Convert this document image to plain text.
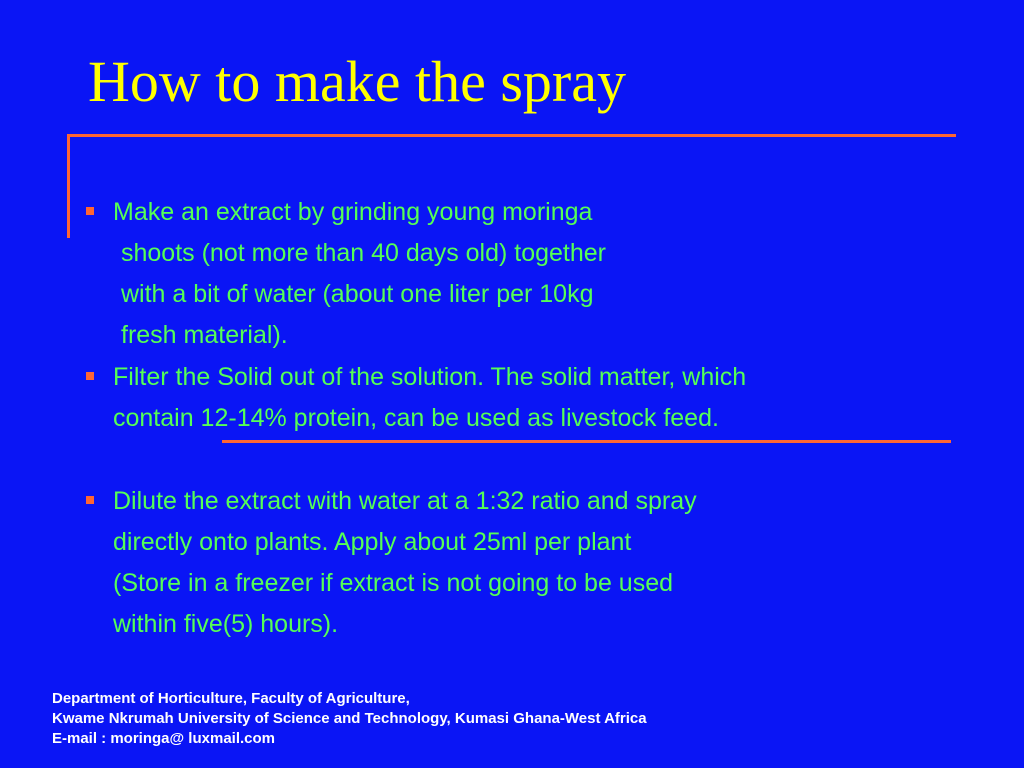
How to make the spray
Make an extract by grinding young moringa
shoots (not more than 40 days old) together
with a bit of water (about one liter per 10kg
fresh material).
Filter the Solid out of the solution. The solid matter, which
contain 12-14% protein, can be used as livestock feed.
Dilute the extract with water at a 1:32 ratio and spray
directly onto plants. Apply about 25ml per plant
(Store in a freezer if extract is not going to be used
within five(5) hours).
Department of Horticulture, Faculty of Agriculture,
Kwame Nkrumah University of Science and Technology, Kumasi Ghana-West Africa
E-mail : moringa@ luxmail.com
